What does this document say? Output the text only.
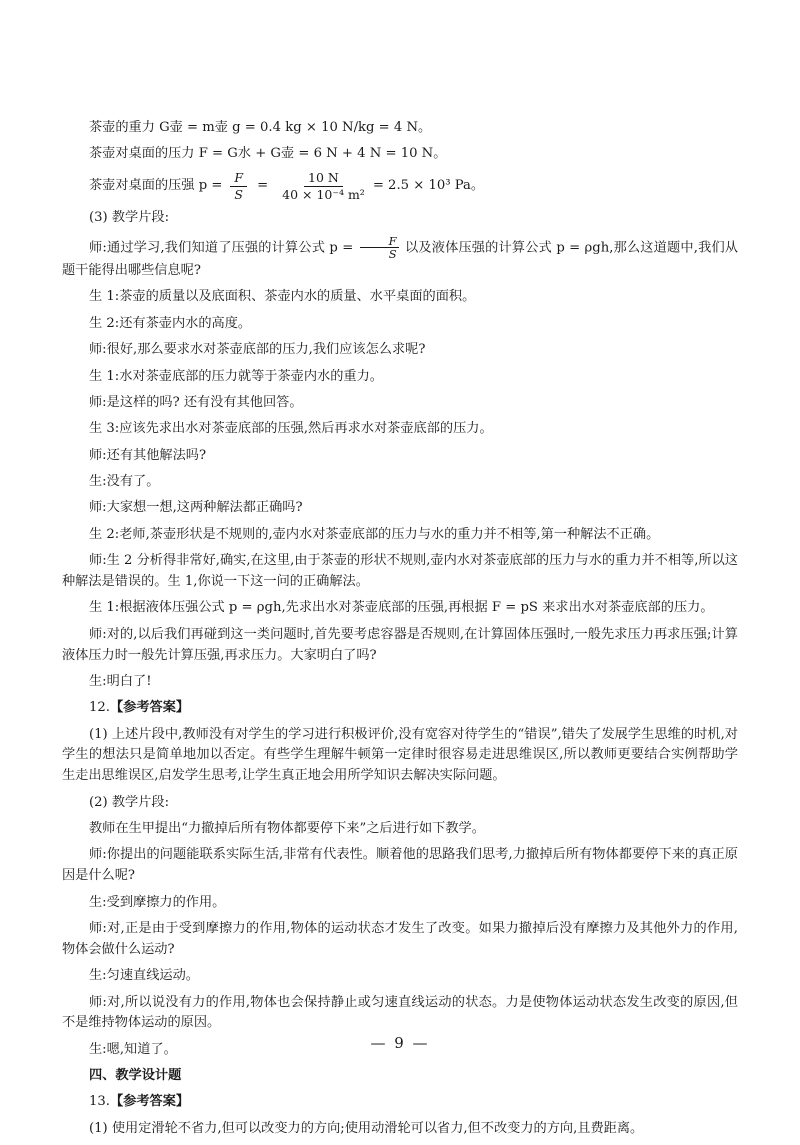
茶壶的重力 G壶 = m壶 g = 0.4 kg × 10 N/kg = 4 N。

茶壶对桌面的压力 F = G水 + G壶 = 6 N + 4 N = 10 N。

茶壶对桌面的压强 $p = \frac{F}{S} = \frac{10 N}{\text{40 × 10⁻⁴ m²}} = 2.5 \times 10^3$ Pa。

(3) 教学片段:

师:通过学习,我们知道了压强的计算公式 $p = \frac{F}{S}$ 以及液体压强的计算公式 p = ρgh,那么这道题中,我们从题干能得出哪些信息呢?

生 1:茶壶的质量以及底面积、茶壶内水的质量、水平桌面的面积。

生 2:还有茶壶内水的高度。

师:很好,那么要求水对茶壶底部的压力,我们应该怎么求呢?

生 1:水对茶壶底部的压力就等于茶壶内水的重力。

师:是这样的吗? 还有没有其他回答。

生 3:应该先求出水对茶壶底部的压强,然后再求水对茶壶底部的压力。

师:还有其他解法吗?

生:没有了。

师:大家想一想,这两种解法都正确吗?

生 2:老师,茶壶形状是不规则的,壶内水对茶壶底部的压力与水的重力并不相等,第一种解法不正确。

师:生 2 分析得非常好,确实,在这里,由于茶壶的形状不规则,壶内水对茶壶底部的压力与水的重力并不相等,所以这种解法是错误的。生 1,你说一下这一问的正确解法。

生 1:根据液体压强公式 p = ρgh,先求出水对茶壶底部的压强,再根据 F = pS 来求出水对茶壶底部的压力。

师:对的,以后我们再碰到这一类问题时,首先要考虑容器是否规则,在计算固体压强时,一般先求压力再求压强;计算液体压力时一般先计算压强,再求压力。大家明白了吗?

生:明白了!

12.【参考答案】

(1) 上述片段中,教师没有对学生的学习进行积极评价,没有宽容对待学生的“错误”,错失了发展学生思维的时机,对学生的想法只是简单地加以否定。有些学生理解牛顿第一定律时很容易走进思维误区,所以教师更要结合实例帮助学生走出思维误区,启发学生思考,让学生真正地会用所学知识去解决实际问题。

(2) 教学片段:

教师在生甲提出“力撤掉后所有物体都要停下来”之后进行如下教学。

师:你提出的问题能联系实际生活,非常有代表性。顺着他的思路我们思考,力撤掉后所有物体都要停下来的真正原因是什么呢?

生:受到摩擦力的作用。

师:对,正是由于受到摩擦力的作用,物体的运动状态才发生了改变。如果力撤掉后没有摩擦力及其他外力的作用,物体会做什么运动?

生:匀速直线运动。

师:对,所以说没有力的作用,物体也会保持静止或匀速直线运动的状态。力是使物体运动状态发生改变的原因,但不是维持物体运动的原因。

生:嗯,知道了。

四、教学设计题

13.【参考答案】

(1) 使用定滑轮不省力,但可以改变力的方向;使用动滑轮可以省力,但不改变力的方向,且费距离。

— 9 —
